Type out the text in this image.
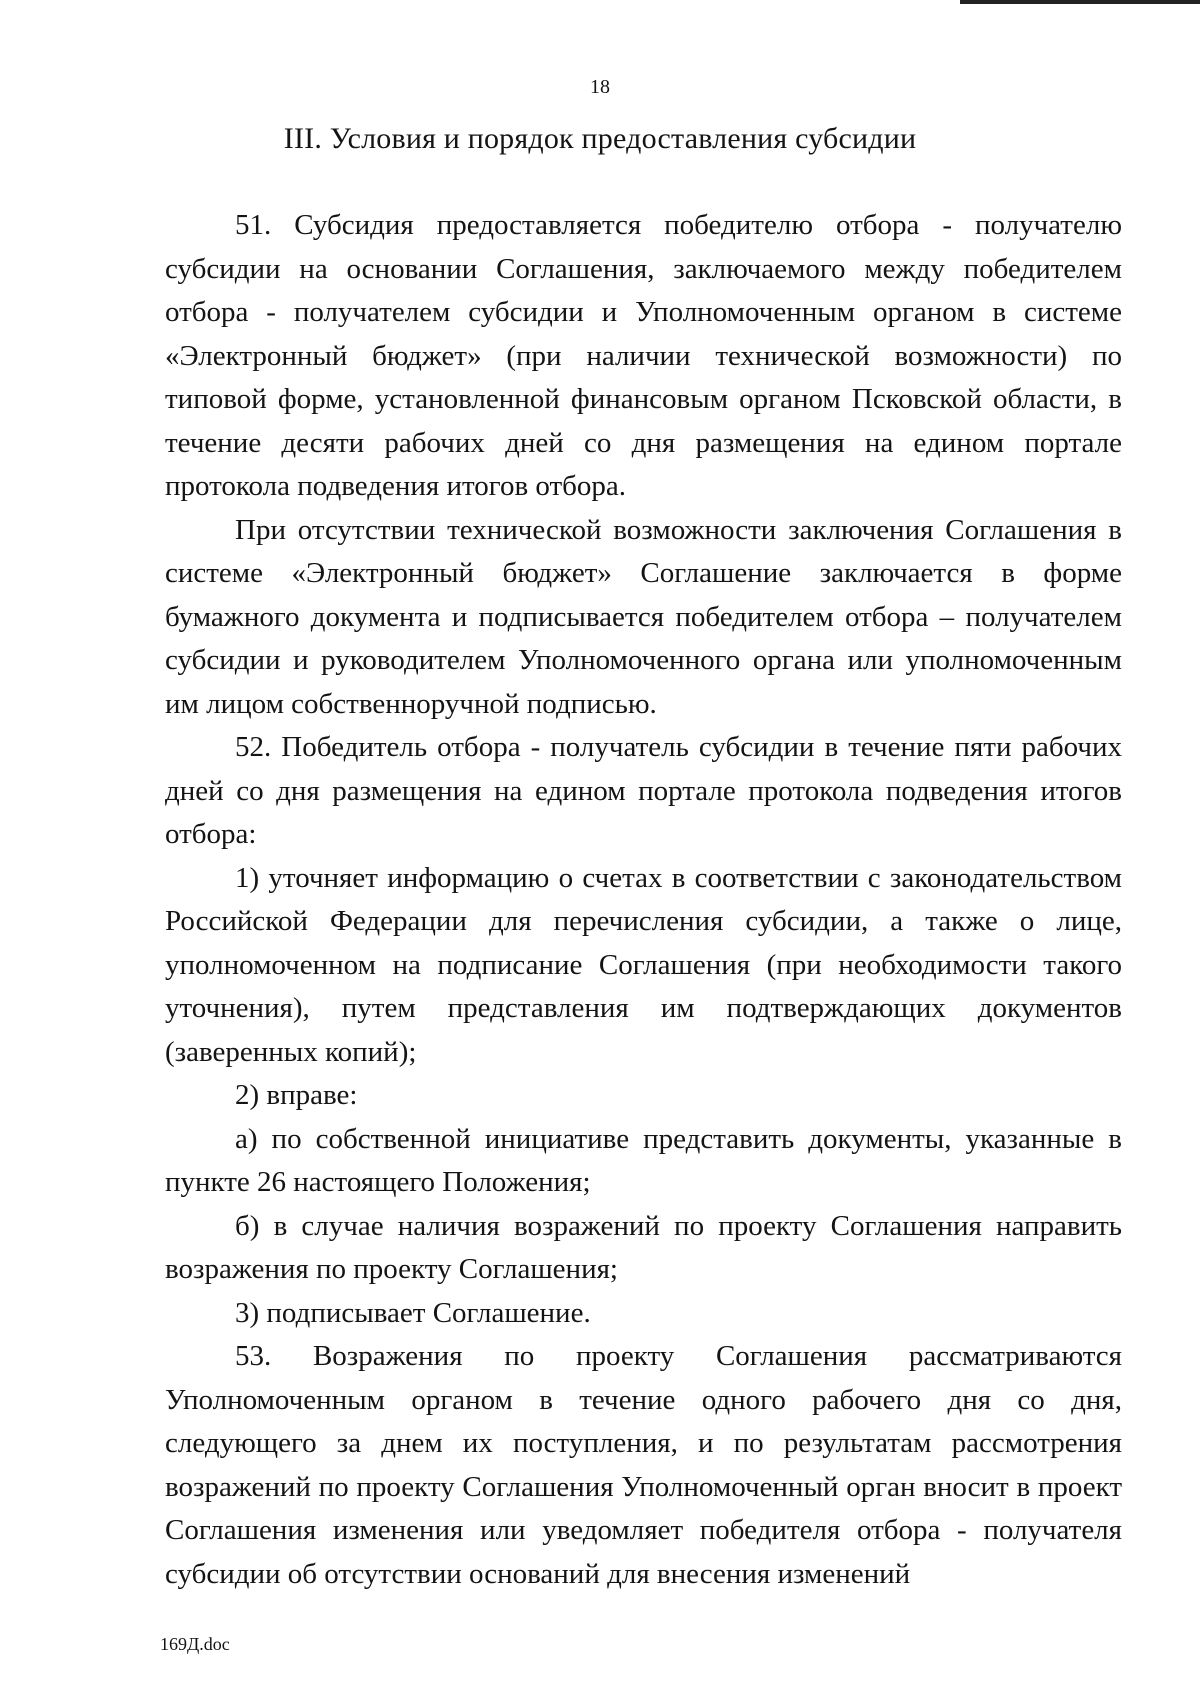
18
III. Условия и порядок предоставления субсидии

51. Субсидия предоставляется победителю отбора - получателю субсидии на основании Соглашения, заключаемого между победителем отбора - получателем субсидии и Уполномоченным органом в системе «Электронный бюджет» (при наличии технической возможности) по типовой форме, установленной финансовым органом Псковской области, в течение десяти рабочих дней со дня размещения на едином портале протокола подведения итогов отбора.

При отсутствии технической возможности заключения Соглашения в системе «Электронный бюджет» Соглашение заключается в форме бумажного документа и подписывается победителем отбора – получателем субсидии и руководителем Уполномоченного органа или уполномоченным им лицом собственноручной подписью.

52. Победитель отбора - получатель субсидии в течение пяти рабочих дней со дня размещения на едином портале протокола подведения итогов отбора:

1) уточняет информацию о счетах в соответствии с законодательством Российской Федерации для перечисления субсидии, а также о лице, уполномоченном на подписание Соглашения (при необходимости такого уточнения), путем представления им подтверждающих документов (заверенных копий);

2) вправе:

а) по собственной инициативе представить документы, указанные в пункте 26 настоящего Положения;

б) в случае наличия возражений по проекту Соглашения направить возражения по проекту Соглашения;

3) подписывает Соглашение.

53. Возражения по проекту Соглашения рассматриваются Уполномоченным органом в течение одного рабочего дня со дня, следующего за днем их поступления, и по результатам рассмотрения возражений по проекту Соглашения Уполномоченный орган вносит в проект Соглашения изменения или уведомляет победителя отбора - получателя субсидии об отсутствии оснований для внесения изменений

169Д.doc
